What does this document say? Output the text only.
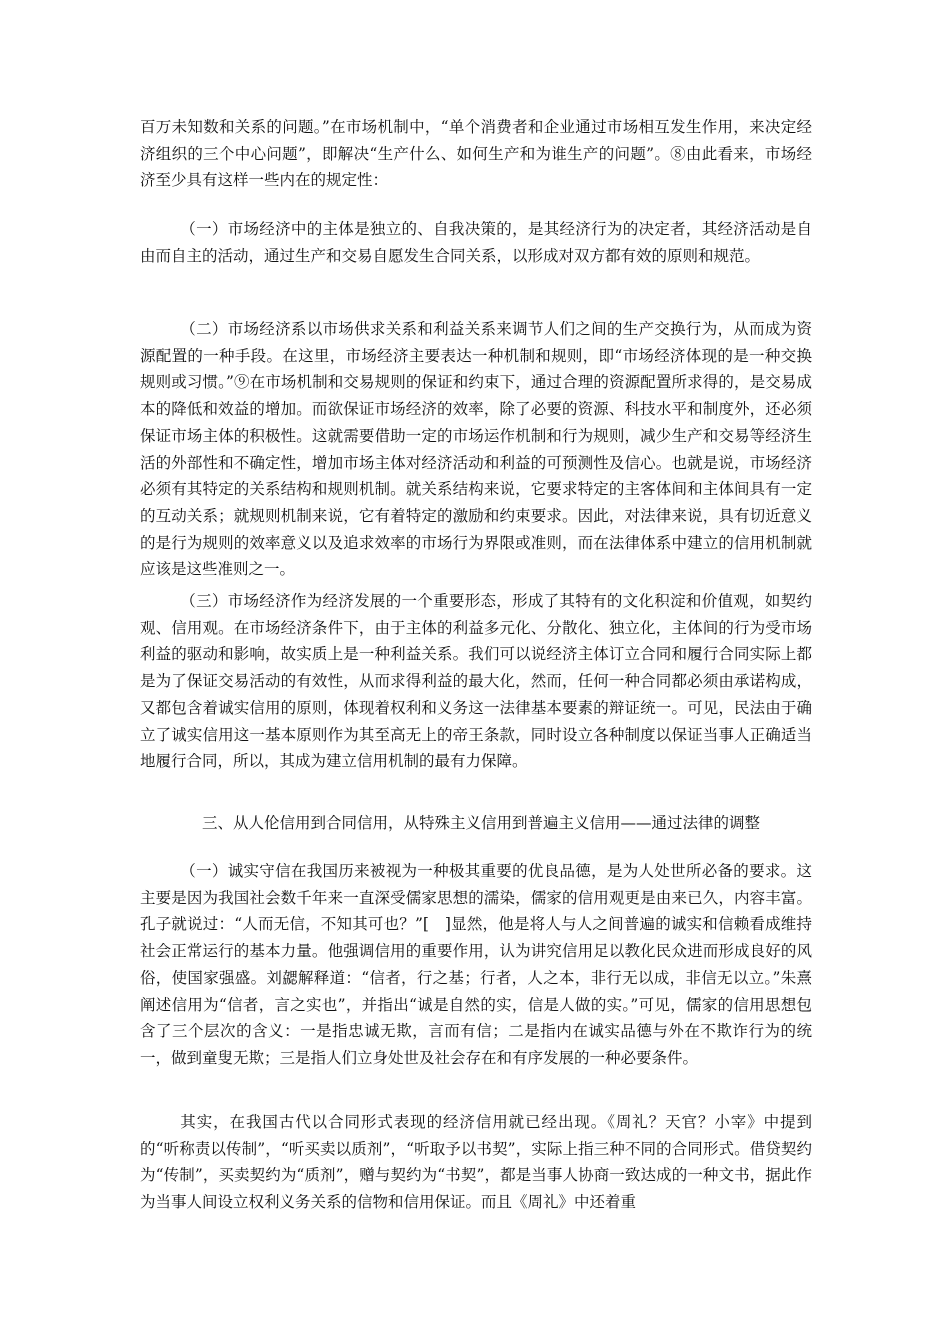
百万未知数和关系的问题。”在市场机制中，“单个消费者和企业通过市场相互发生作用，来决定经济组织的三个中心问题”，即解决“生产什么、如何生产和为谁生产的问题”。⑧由此看来，市场经济至少具有这样一些内在的规定性：

（一）市场经济中的主体是独立的、自我决策的，是其经济行为的决定者，其经济活动是自由而自主的活动，通过生产和交易自愿发生合同关系，以形成对双方都有效的原则和规范。

（二）市场经济系以市场供求关系和利益关系来调节人们之间的生产交换行为，从而成为资源配置的一种手段。在这里，市场经济主要表达一种机制和规则，即“市场经济体现的是一种交换规则或习惯。”⑨在市场机制和交易规则的保证和约束下，通过合理的资源配置所求得的，是交易成本的降低和效益的增加。而欲保证市场经济的效率，除了必要的资源、科技水平和制度外，还必须保证市场主体的积极性。这就需要借助一定的市场运作机制和行为规则，减少生产和交易等经济生活的外部性和不确定性，增加市场主体对经济活动和利益的可预测性及信心。也就是说，市场经济必须有其特定的关系结构和规则机制。就关系结构来说，它要求特定的主客体间和主体间具有一定的互动关系；就规则机制来说，它有着特定的激励和约束要求。因此，对法律来说，具有切近意义的是行为规则的效率意义以及追求效率的市场行为界限或准则，而在法律体系中建立的信用机制就应该是这些准则之一。

（三）市场经济作为经济发展的一个重要形态，形成了其特有的文化积淀和价值观，如契约观、信用观。在市场经济条件下，由于主体的利益多元化、分散化、独立化，主体间的行为受市场利益的驱动和影响，故实质上是一种利益关系。我们可以说经济主体订立合同和履行合同实际上都是为了保证交易活动的有效性，从而求得利益的最大化，然而，任何一种合同都必须由承诺构成，又都包含着诚实信用的原则，体现着权利和义务这一法律基本要素的辩证统一。可见，民法由于确立了诚实信用这一基本原则作为其至高无上的帝王条款，同时设立各种制度以保证当事人正确适当地履行合同，所以，其成为建立信用机制的最有力保障。

三、从人伦信用到合同信用，从特殊主义信用到普遍主义信用——通过法律的调整

（一）诚实守信在我国历来被视为一种极其重要的优良品德，是为人处世所必备的要求。这主要是因为我国社会数千年来一直深受儒家思想的濡染，儒家的信用观更是由来已久，内容丰富。孔子就说过：“人而无信，不知其可也？”[　]显然，他是将人与人之间普遍的诚实和信赖看成维持社会正常运行的基本力量。他强调信用的重要作用，认为讲究信用足以教化民众进而形成良好的风俗，使国家强盛。刘勰解释道：“信者，行之基；行者，人之本，非行无以成，非信无以立。”朱熹阐述信用为“信者，言之实也”，并指出“诚是自然的实，信是人做的实。”可见，儒家的信用思想包含了三个层次的含义：一是指忠诚无欺，言而有信；二是指内在诚实品德与外在不欺诈行为的统一，做到童叟无欺；三是指人们立身处世及社会存在和有序发展的一种必要条件。

其实，在我国古代以合同形式表现的经济信用就已经出现。《周礼？天官？小宰》中提到的“听称责以传制”，“听买卖以质剂”，“听取予以书契”，实际上指三种不同的合同形式。借贷契约为“传制”，买卖契约为“质剂”，赠与契约为“书契”，都是当事人协商一致达成的一种文书，据此作为当事人间设立权利义务关系的信物和信用保证。而且《周礼》中还着重
